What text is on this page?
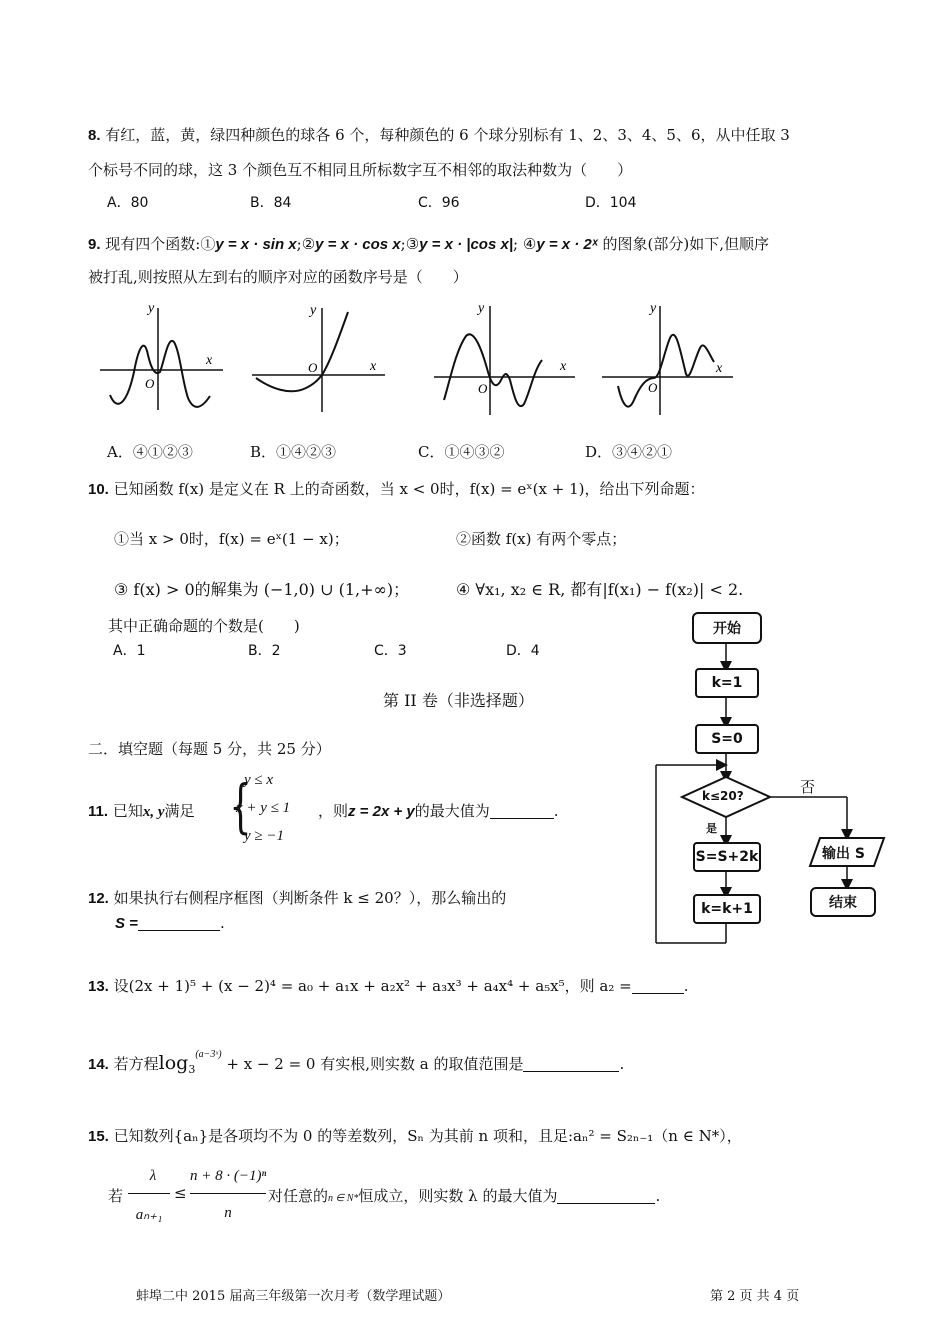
8. 有红，蓝，黄，绿四种颜色的球各 6 个，每种颜色的 6 个球分别标有 1、2、3、4、5、6，从中任取 3
个标号不同的球，这 3 个颜色互不相同且所标数字互不相邻的取法种数为（　　）
A．80	B．84	C．96	D．104
9. 现有四个函数:①y = x · sin x;②y = x · cos x;③y = x · |cos x|; ④y = x · 2ˣ 的图象(部分)如下,但顺序
被打乱,则按照从左到右的顺序对应的函数序号是（　　）
y
x
O
y
x
O
y
x
O
y
x
O
A．④①②③	B．①④②③	C．①④③②	D．③④②①
10. 已知函数 f(x) 是定义在 R 上的奇函数，当 x < 0时，f(x) = eˣ(x + 1)，给出下列命题：
①当 x > 0时，f(x) = eˣ(1 − x)；	②函数 f(x) 有两个零点；
③ f(x) > 0的解集为 (−1,0) ∪ (1,+∞)；	④ ∀x₁, x₂ ∈ R, 都有|f(x₁) − f(x₂)| < 2.
其中正确命题的个数是(　　)
A．1	B．2	C．3	D．4
第 II 卷（非选择题）
二．填空题（每题 5 分，共 25 分）
11. 已知x, y满足 {
y ≤ x
x + y ≤ 1
y ≥ −1
，则z = 2x + y的最大值为	.
12. 如果执行右侧程序框图（判断条件 k ≤ 20？），那么输出的
S =	.
13. 设(2x + 1)⁵ + (x − 2)⁴ = a₀ + a₁x + a₂x² + a₃x³ + a₄x⁴ + a₅x⁵，则 a₂ =	.
14. 若方程$\log_3^{(a-3ˣ)} + x - 2 = 0$ 有实根,则实数 a 的取值范围是	.
15. 已知数列{aₙ}是各项均不为 0 的等差数列，Sₙ 为其前 n 项和，且足:aₙ² = S₂ₙ₋₁（n ∈ N*），
若
λ
aₙ₊₁
≤
n + 8 · (−1)ⁿ
n
对任意的n ∈ N*恒成立，则实数 λ 的最大值为	.
开始
k=1
S=0
k≤20?	否
是
S=S+2k
k=k+1
输出 S
结束
蚌埠二中 2015 届高三年级第一次月考（数学理试题）	第 2 页 共 4 页
